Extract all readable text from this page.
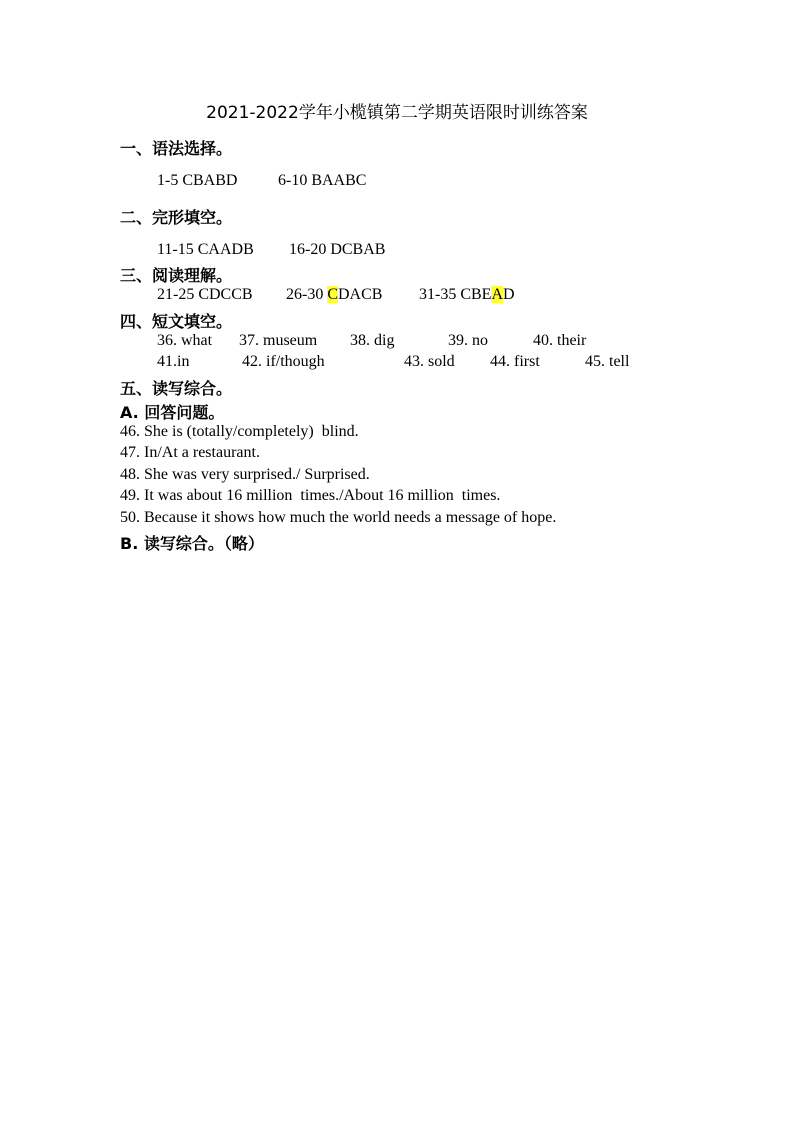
2021-2022学年小榄镇第二学期英语限时训练答案
一、语法选择。
1-5 CBABD	6-10 BAABC
二、完形填空。
11-15 CAADB 16-20 DCBAB
三、阅读理解。
21-25 CDCCB 26-30 CDACB 31-35 CBEAD
四、短文填空。
36. what 37. museum 38. dig	39. no	40. their
41.in	42. if/though	43. sold 44. first	45. tell
五、读写综合。
A. 回答问题。
46. She is (totally/completely)  blind.
47. In/At a restaurant.
48. She was very surprised./ Surprised.
49. It was about 16 million  times./About 16 million  times.
50. Because it shows how much the world needs a message of hope.
B. 读写综合。（略）
